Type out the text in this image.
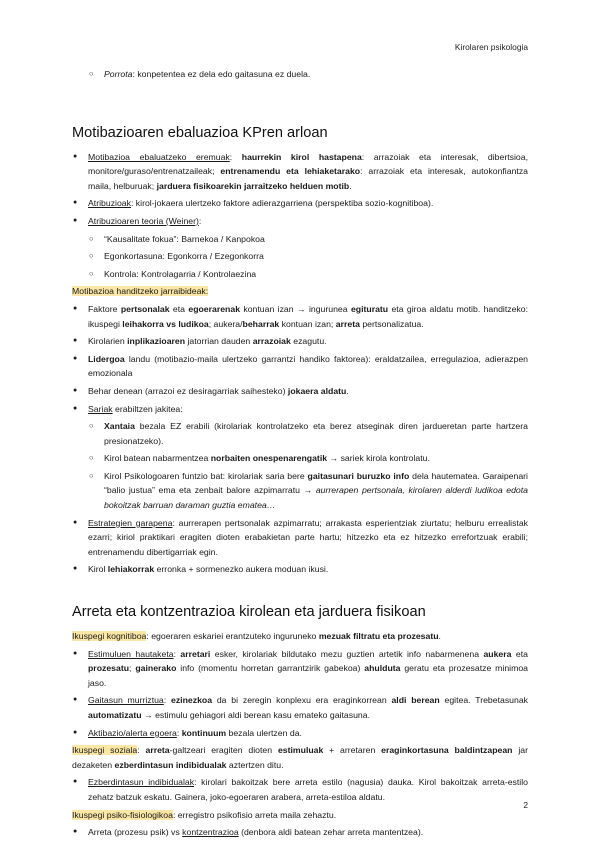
Kirolaren psikologia
○ Porrota: konpetentea ez dela edo gaitasuna ez duela.
Motibazioaren ebaluazioa KPren arloan
● Motibazioa ebaluatzeko eremuak: haurrekin kirol hastapena: arrazoiak eta interesak, dibertsioa, monitore/guraso/entrenatzaileak; entrenamendu eta lehiaketarako: arrazoiak eta interesak, autokonfiantza maila, helburuak; jarduera fisikoarekin jarraitzeko helduen motib.
● Atribuzioak: kirol-jokaera ulertzeko faktore adierazgarriena (perspektiba sozio-kognitiboa).
● Atribuzioaren teoria (Weiner):
○ “Kausalitate fokua”: Barnekoa / Kanpokoa
○ Egonkortasuna: Egonkorra / Ezegonkorra
○ Kontrola: Kontrolagarria / Kontrolaezina
Motibazioa handitzeko jarraibideak:
● Faktore pertsonalak eta egoerarenak kontuan izan → ingurunea egituratu eta giroa aldatu motib. handitzeko: ikuspegi leihakorra vs ludikoa; aukera/beharrak kontuan izan; arreta pertsonalizatua.
● Kirolarien inplikazioaren jatorrian dauden arrazoiak ezagutu.
● Lidergoa landu (motibazio-maila ulertzeko garrantzi handiko faktorea): eraldatzailea, erregulazioa, adierazpen emozionala
● Behar denean (arrazoi ez desiragarriak saihesteko) jokaera aldatu.
● Sariak erabiltzen jakitea:
○ Xantaia bezala EZ erabili (kirolariak kontrolatzeko eta berez atseginak diren jardueretan parte hartzera presionatzeko).
○ Kirol batean nabarmentzea norbaiten onespenarengatik → sariek kirola kontrolatu.
○ Kirol Psikologoaren funtzio bat: kirolariak saria bere gaitasunari buruzko info dela hautematea. Garaipenari “balio justua” ema eta zenbait balore azpimarratu → aurrerapen pertsonala, kirolaren alderdi ludikoa edota bokoitzak barruan daraman guztia ematea…
● Estrategien garapena: aurrerapen pertsonalak azpimarratu; arrakasta esperientziak ziurtatu; helburu errealistak ezarri; kiriol praktikari eragiten dioten erabakietan parte hartu; hitzezko eta ez hitzezko errefortzuak erabili; entrenamendu dibertigarriak egin.
● Kirol lehiakorrak erronka + sormenezko aukera moduan ikusi.
Arreta eta kontzentrazioa kirolean eta jarduera fisikoan
Ikuspegi kognitiboa: egoeraren eskariei erantzuteko inguruneko mezuak filtratu eta prozesatu.
● Estimuluen hautaketa: arretari esker, kirolariak bildutako mezu guztien artetik info nabarmenena aukera eta prozesatu; gainerako info (momentu horretan garrantzirik gabekoa) ahulduta geratu eta prozesatze minimoa jaso.
● Gaitasun murriztua: ezinezkoa da bi zeregin konplexu era eraginkorrean aldi berean egitea. Trebetasunak automatizatu → estimulu gehiagori aldi berean kasu emateko gaitasuna.
● Aktibazio/alerta egoera: kontinuum bezala ulertzen da.
Ikuspegi soziala: arreta-galtzeari eragiten dioten estimuluak + arretaren eraginkortasuna baldintzapean jar dezaketen ezberdintasun indibidualak aztertzen ditu.
● Ezberdintasun indibidualak: kirolari bakoitzak bere arreta estilo (nagusia) dauka. Kirol bakoitzak arreta-estilo zehatz batzuk eskatu. Gainera, joko-egoeraren arabera, arreta-estiloa aldatu.
Ikuspegi psiko-fisiologikoa: erregistro psikofisio arreta maila zehaztu.
● Arreta (prozesu psik) vs kontzentrazioa (denbora aldi batean zehar arreta mantentzea).
2
